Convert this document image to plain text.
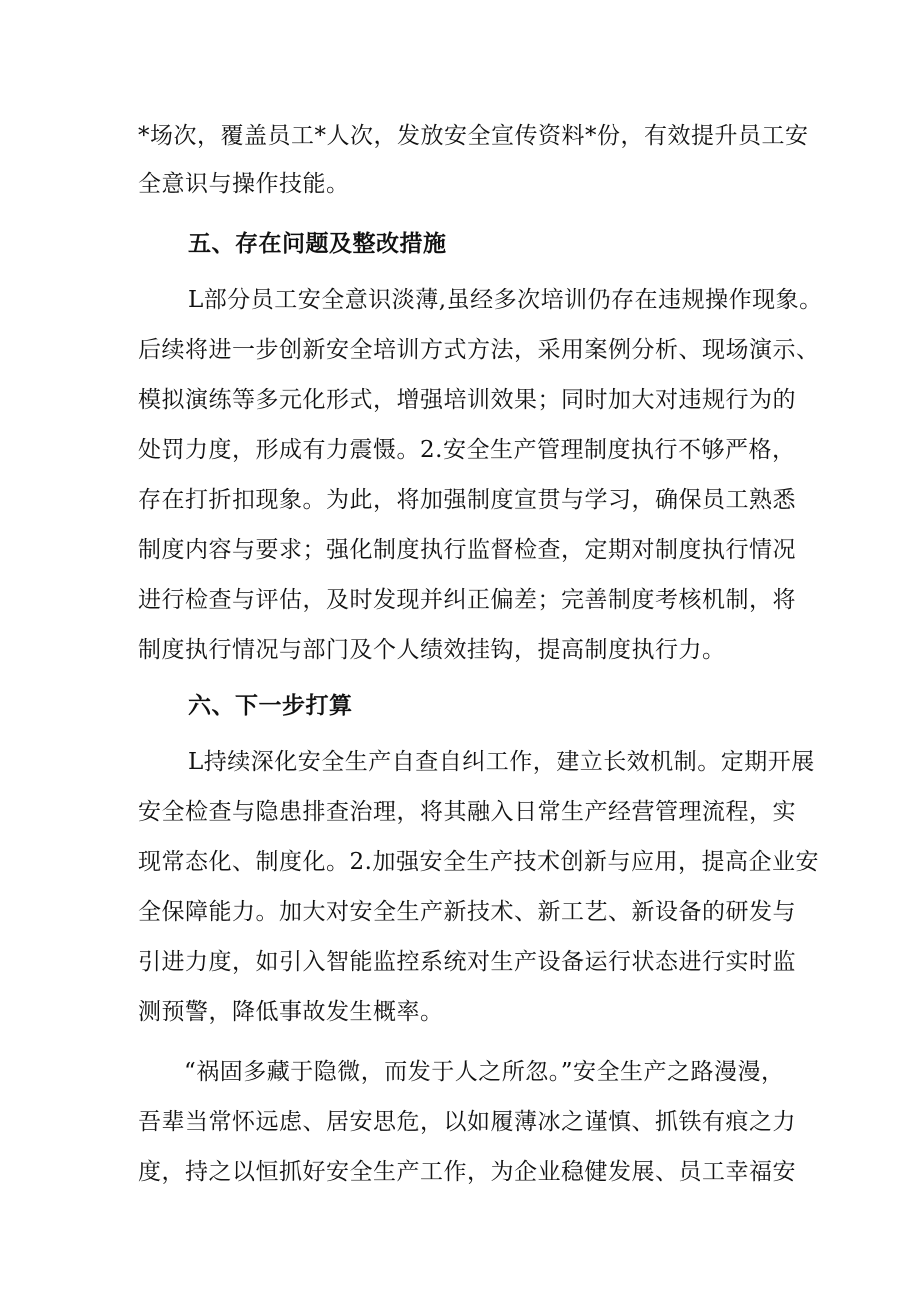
*场次，覆盖员工*人次，发放安全宣传资料*份，有效提升员工安
全意识与操作技能。
五、存在问题及整改措施
L部分员工安全意识淡薄,虽经多次培训仍存在违规操作现象。
后续将进一步创新安全培训方式方法，采用案例分析、现场演示、
模拟演练等多元化形式，增强培训效果；同时加大对违规行为的
处罚力度，形成有力震慑。2.安全生产管理制度执行不够严格，
存在打折扣现象。为此，将加强制度宣贯与学习，确保员工熟悉
制度内容与要求；强化制度执行监督检查，定期对制度执行情况
进行检查与评估，及时发现并纠正偏差；完善制度考核机制，将
制度执行情况与部门及个人绩效挂钩，提高制度执行力。
六、下一步打算
L持续深化安全生产自查自纠工作，建立长效机制。定期开展
安全检查与隐患排查治理，将其融入日常生产经营管理流程，实
现常态化、制度化。2.加强安全生产技术创新与应用，提高企业安
全保障能力。加大对安全生产新技术、新工艺、新设备的研发与
引进力度，如引入智能监控系统对生产设备运行状态进行实时监
测预警，降低事故发生概率。
“祸固多藏于隐微，而发于人之所忽。”安全生产之路漫漫，
吾辈当常怀远虑、居安思危，以如履薄冰之谨慎、抓铁有痕之力
度，持之以恒抓好安全生产工作，为企业稳健发展、员工幸福安
